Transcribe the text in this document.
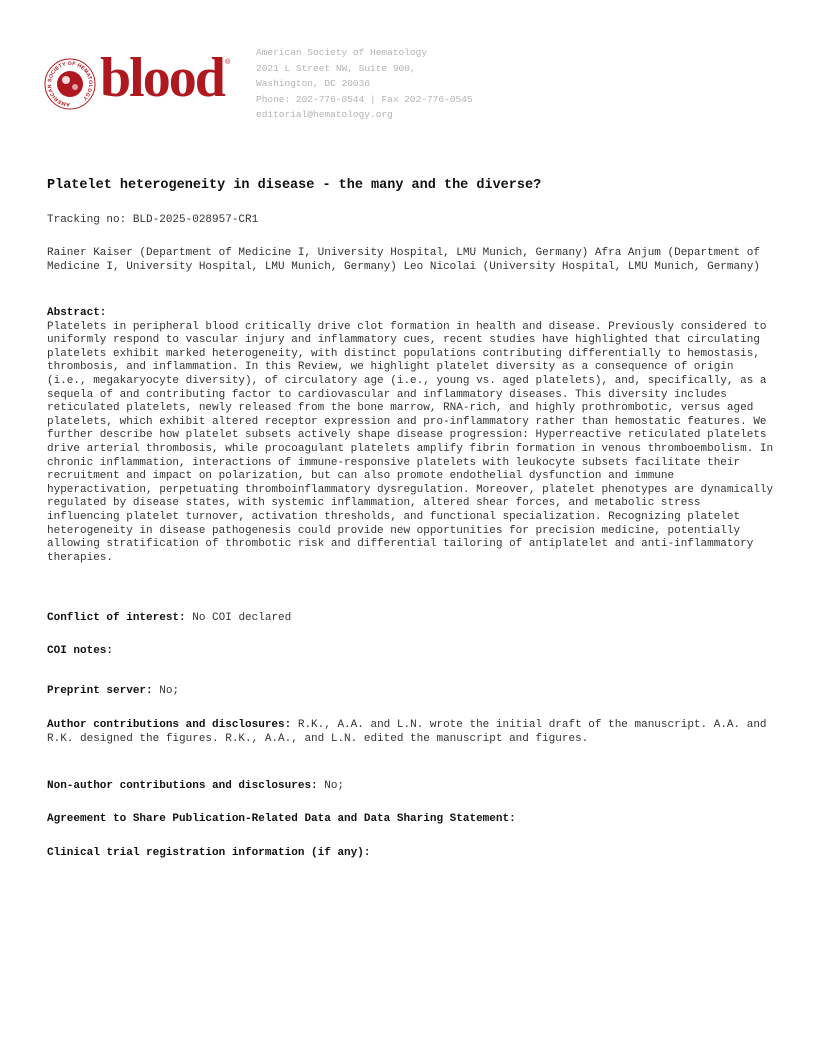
AMERICAN SOCIETY OF HEMATOLOGY blood ®
American Society of Hematology
2021 L Street NW, Suite 900,
Washington, DC 20036
Phone: 202-776-0544 | Fax 202-776-0545
editorial@hematology.org
Platelet heterogeneity in disease - the many and the diverse?
Tracking no: BLD-2025-028957-CR1
Rainer Kaiser (Department of Medicine I, University Hospital, LMU Munich, Germany) Afra Anjum (Department of Medicine I, University Hospital, LMU Munich, Germany) Leo Nicolai (University Hospital, LMU Munich, Germany)
Abstract:

Platelets in peripheral blood critically drive clot formation in health and disease. Previously considered to uniformly respond to vascular injury and inflammatory cues, recent studies have highlighted that circulating platelets exhibit marked heterogeneity, with distinct populations contributing differentially to hemostasis, thrombosis, and inflammation. In this Review, we highlight platelet diversity as a consequence of origin (i.e., megakaryocyte diversity), of circulatory age (i.e., young vs. aged platelets), and, specifically, as a sequela of and contributing factor to cardiovascular and inflammatory diseases. This diversity includes reticulated platelets, newly released from the bone marrow, RNA-rich, and highly prothrombotic, versus aged platelets, which exhibit altered receptor expression and pro-inflammatory rather than hemostatic features. We further describe how platelet subsets actively shape disease progression: Hyperreactive reticulated platelets drive arterial thrombosis, while procoagulant platelets amplify fibrin formation in venous thromboembolism. In chronic inflammation, interactions of immune-responsive platelets with leukocyte subsets facilitate their recruitment and impact on polarization, but can also promote endothelial dysfunction and immune hyperactivation, perpetuating thromboinflammatory dysregulation. Moreover, platelet phenotypes are dynamically regulated by disease states, with systemic inflammation, altered shear forces, and metabolic stress influencing platelet turnover, activation thresholds, and functional specialization. Recognizing platelet heterogeneity in disease pathogenesis could provide new opportunities for precision medicine, potentially allowing stratification of thrombotic risk and differential tailoring of antiplatelet and anti-inflammatory therapies.

Conflict of interest: No COI declared
COI notes:
Preprint server: No;
Author contributions and disclosures: R.K., A.A. and L.N. wrote the initial draft of the manuscript. A.A. and R.K. designed the figures. R.K., A.A., and L.N. edited the manuscript and figures.
Non-author contributions and disclosures: No;
Agreement to Share Publication-Related Data and Data Sharing Statement:
Clinical trial registration information (if any):
